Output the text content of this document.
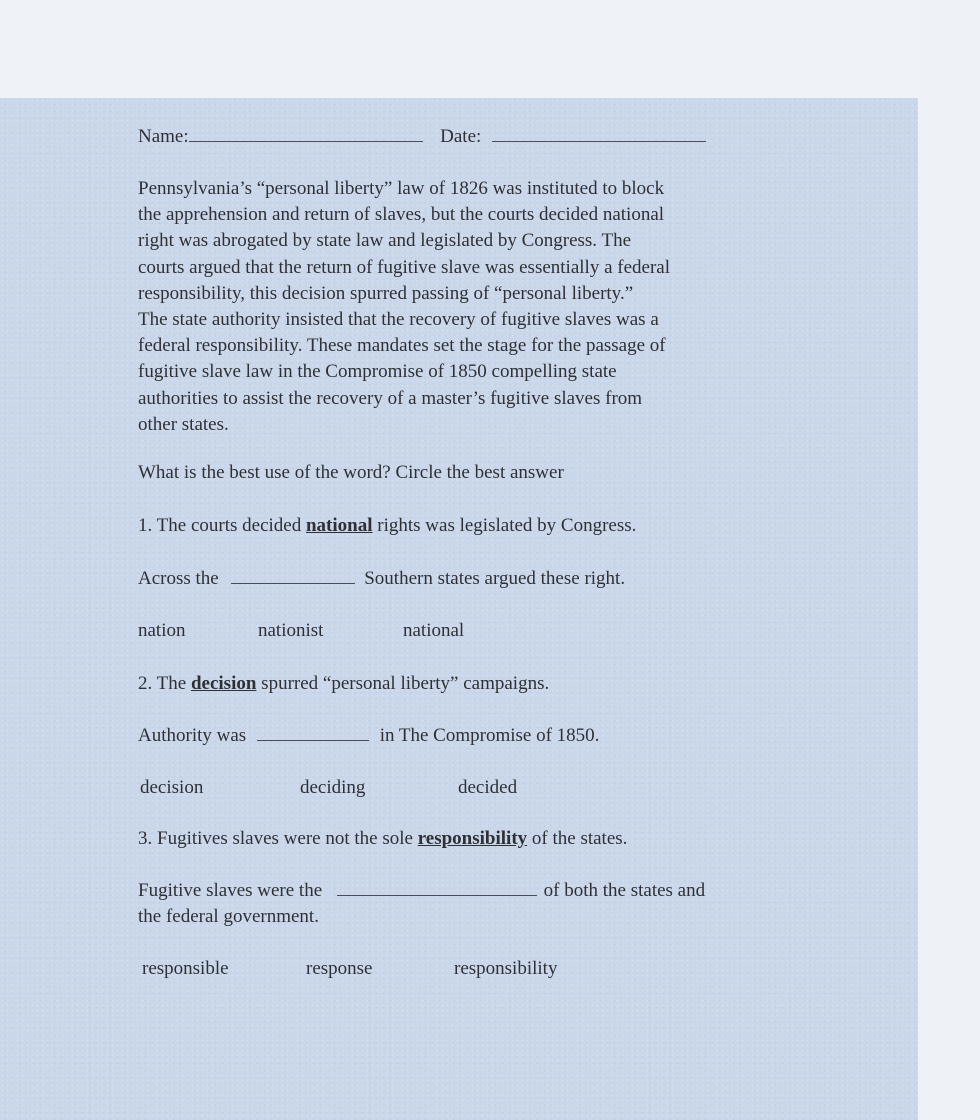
Name:	Date:
Pennsylvania’s “personal liberty” law of 1826 was instituted to block
the apprehension and return of slaves, but the courts decided national
right was abrogated by state law and legislated by Congress. The
courts argued that the return of fugitive slave was essentially a federal
responsibility, this decision spurred passing of “personal liberty.”
The state authority insisted that the recovery of fugitive slaves was a
federal responsibility. These mandates set the stage for the passage of
fugitive slave law in the Compromise of 1850 compelling state
authorities to assist the recovery of a master’s fugitive slaves from
other states.
What is the best use of the word? Circle the best answer
1. The courts decided national rights was legislated by Congress.
Across the	Southern states argued these right.
nation	nationist	national
2. The decision spurred “personal liberty” campaigns.
Authority was	in The Compromise of 1850.
decision	deciding	decided
3. Fugitives slaves were not the sole responsibility of the states.
Fugitive slaves were the	of both the states and
the federal government.
responsible	response	responsibility
